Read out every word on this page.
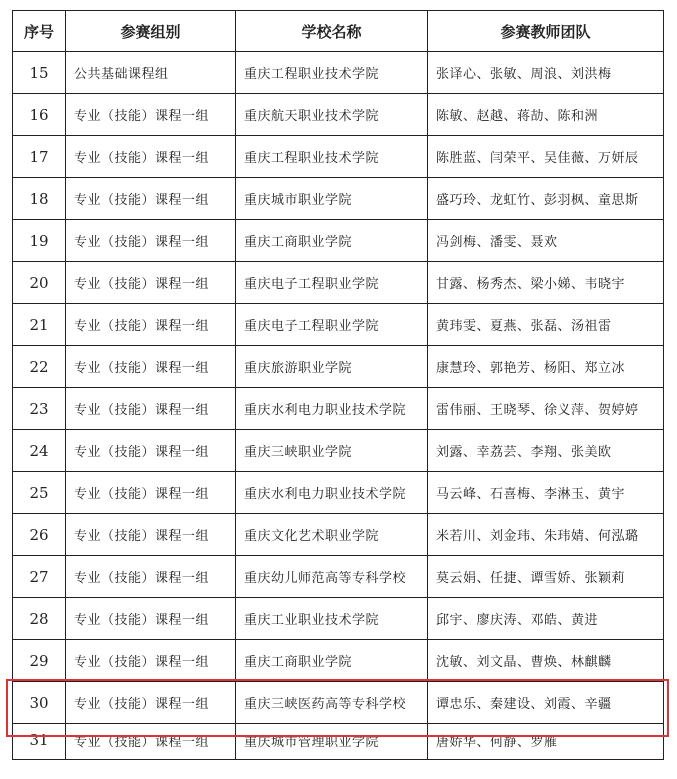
序号	参赛组别	学校名称	参赛教师团队
15	公共基础课程组	重庆工程职业技术学院	张译心、张敏、周浪、刘洪梅
16	专业（技能）课程一组	重庆航天职业技术学院	陈敏、赵越、蒋劼、陈和洲
17	专业（技能）课程一组	重庆工程职业技术学院	陈胜蓝、闫荣平、吴佳薇、万妍辰
18	专业（技能）课程一组	重庆城市职业学院	盛巧玲、龙虹竹、彭羽枫、童思斯
19	专业（技能）课程一组	重庆工商职业学院	冯剑梅、潘雯、聂欢
20	专业（技能）课程一组	重庆电子工程职业学院	甘露、杨秀杰、梁小娣、韦晓宇
21	专业（技能）课程一组	重庆电子工程职业学院	黄玮雯、夏燕、张磊、汤祖雷
22	专业（技能）课程一组	重庆旅游职业学院	康慧玲、郭艳芳、杨阳、郑立冰
23	专业（技能）课程一组	重庆水利电力职业技术学院	雷伟丽、王晓琴、徐义萍、贺婷婷
24	专业（技能）课程一组	重庆三峡职业学院	刘露、幸荔芸、李翔、张美欧
25	专业（技能）课程一组	重庆水利电力职业技术学院	马云峰、石喜梅、李淋玉、黄宇
26	专业（技能）课程一组	重庆文化艺术职业学院	米若川、刘金玮、朱玮婧、何泓璐
27	专业（技能）课程一组	重庆幼儿师范高等专科学校	莫云娟、任捷、谭雪娇、张颖莉
28	专业（技能）课程一组	重庆工业职业技术学院	邱宇、廖庆涛、邓皓、黄进
29	专业（技能）课程一组	重庆工商职业学院	沈敏、刘文晶、曹焕、林麒麟
30	专业（技能）课程一组	重庆三峡医药高等专科学校	谭忠乐、秦建设、刘霞、辛疆
31	专业（技能）课程一组	重庆城市管理职业学院	唐娇华、何静、罗雁
